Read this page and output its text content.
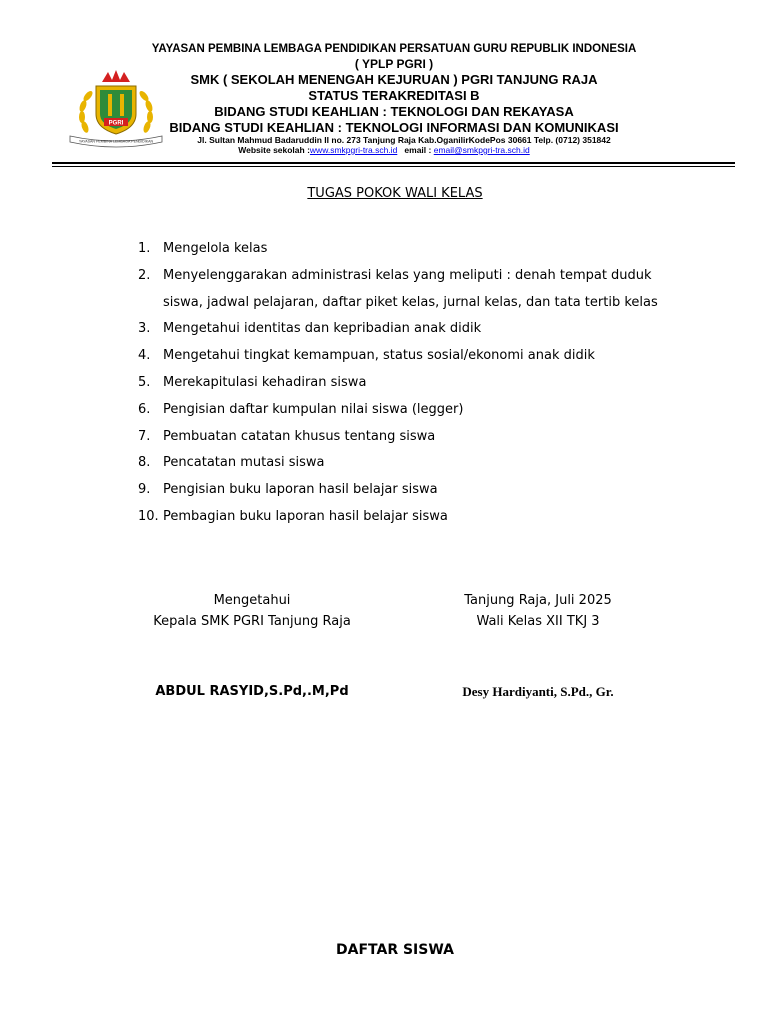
PGRI
YAYASAN PEMBINA LEMBAGA PENDIDIKAN
YAYASAN PEMBINA LEMBAGA PENDIDIKAN PERSATUAN GURU REPUBLIK INDONESIA
( YPLP PGRI )
SMK ( SEKOLAH MENENGAH KEJURUAN ) PGRI TANJUNG RAJA
STATUS TERAKREDITASI B
BIDANG STUDI KEAHLIAN : TEKNOLOGI DAN REKAYASA
BIDANG STUDI KEAHLIAN : TEKNOLOGI INFORMASI DAN KOMUNIKASI
Jl. Sultan Mahmud Badaruddin II no. 273 Tanjung Raja Kab.OganilirKodePos 30661 Telp. (0712) 351842
Website sekolah :www.smkpgri-tra.sch.id email : email@smkpgri-tra.sch.id
TUGAS POKOK WALI KELAS
1. Mengelola kelas
2. Menyelenggarakan administrasi kelas yang meliputi : denah tempat duduk siswa, jadwal pelajaran, daftar piket kelas, jurnal kelas, dan tata tertib kelas
3. Mengetahui identitas dan kepribadian anak didik
4. Mengetahui tingkat kemampuan, status sosial/ekonomi anak didik
5. Merekapitulasi kehadiran siswa
6. Pengisian daftar kumpulan nilai siswa (legger)
7. Pembuatan catatan khusus tentang siswa
8. Pencatatan mutasi siswa
9. Pengisian buku laporan hasil belajar siswa
10. Pembagian buku laporan hasil belajar siswa
Mengetahui
Kepala SMK PGRI Tanjung Raja
Tanjung Raja, Juli 2025
Wali Kelas XII TKJ 3
ABDUL RASYID,S.Pd,.M,Pd	Desy Hardiyanti, S.Pd., Gr.
DAFTAR SISWA
